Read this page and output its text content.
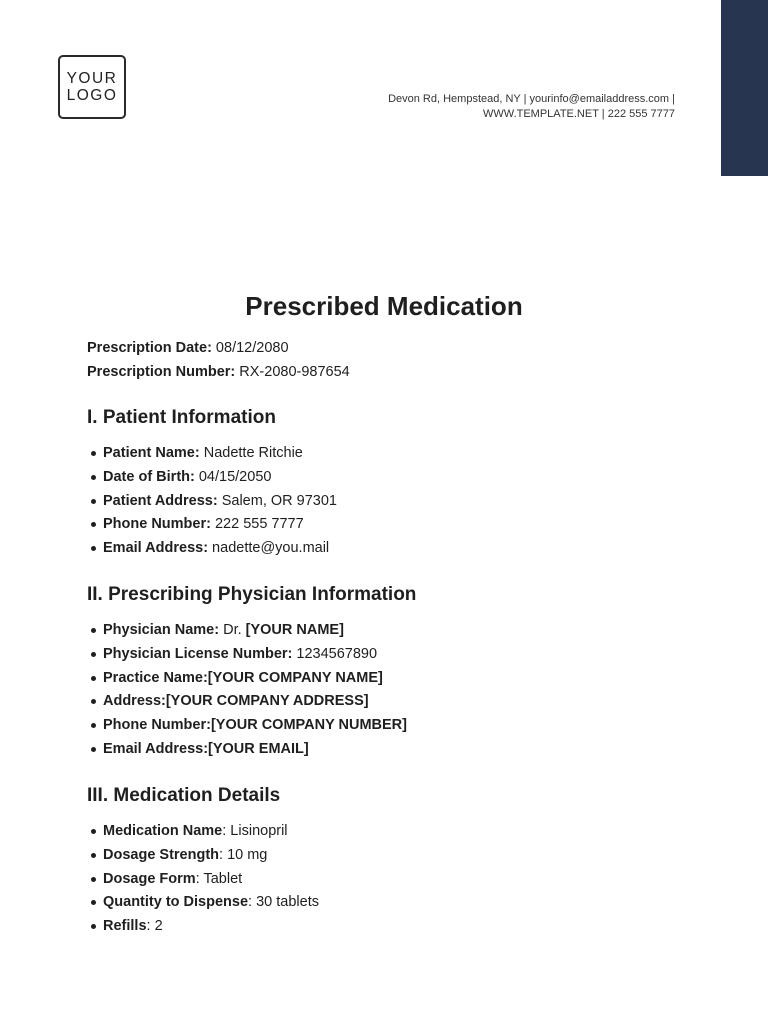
YOUR
LOGO	Devon Rd, Hempstead, NY | yourinfo@emailaddress.com |
WWW.TEMPLATE.NET | 222 555 7777
Prescribed Medication
Prescription Date: 08/12/2080
Prescription Number: RX-2080-987654
I. Patient Information
Patient Name: Nadette Ritchie
Date of Birth: 04/15/2050
Patient Address: Salem, OR 97301
Phone Number: 222 555 7777
Email Address: nadette@you.mail
II. Prescribing Physician Information
Physician Name: Dr. [YOUR NAME]
Physician License Number: 1234567890
Practice Name:[YOUR COMPANY NAME]
Address:[YOUR COMPANY ADDRESS]
Phone Number:[YOUR COMPANY NUMBER]
Email Address:[YOUR EMAIL]
III. Medication Details
Medication Name: Lisinopril
Dosage Strength: 10 mg
Dosage Form: Tablet
Quantity to Dispense: 30 tablets
Refills: 2
